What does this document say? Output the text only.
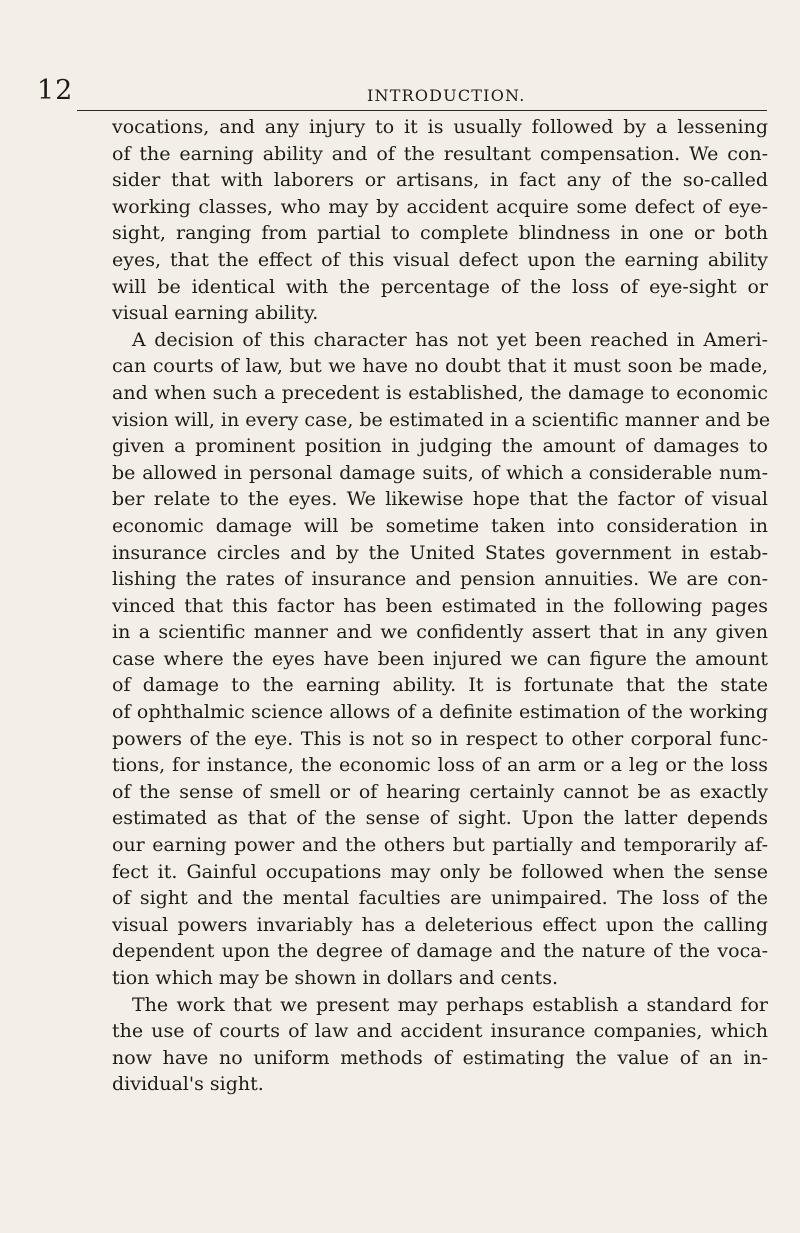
12	INTRODUCTION.
vocations, and any injury to it is usually followed by a lessening
of the earning ability and of the resultant compensation. We con-
sider that with laborers or artisans, in fact any of the so-called
working classes, who may by accident acquire some defect of eye-
sight, ranging from partial to complete blindness in one or both
eyes, that the effect of this visual defect upon the earning ability
will be identical with the percentage of the loss of eye-sight or
visual earning ability.
A decision of this character has not yet been reached in Ameri-
can courts of law, but we have no doubt that it must soon be made,
and when such a precedent is established, the damage to economic
vision will, in every case, be estimated in a scientific manner and be
given a prominent position in judging the amount of damages to
be allowed in personal damage suits, of which a considerable num-
ber relate to the eyes. We likewise hope that the factor of visual
economic damage will be sometime taken into consideration in
insurance circles and by the United States government in estab-
lishing the rates of insurance and pension annuities. We are con-
vinced that this factor has been estimated in the following pages
in a scientific manner and we confidently assert that in any given
case where the eyes have been injured we can figure the amount
of damage to the earning ability. It is fortunate that the state
of ophthalmic science allows of a definite estimation of the working
powers of the eye. This is not so in respect to other corporal func-
tions, for instance, the economic loss of an arm or a leg or the loss
of the sense of smell or of hearing certainly cannot be as exactly
estimated as that of the sense of sight. Upon the latter depends
our earning power and the others but partially and temporarily af-
fect it. Gainful occupations may only be followed when the sense
of sight and the mental faculties are unimpaired. The loss of the
visual powers invariably has a deleterious effect upon the calling
dependent upon the degree of damage and the nature of the voca-
tion which may be shown in dollars and cents.
The work that we present may perhaps establish a standard for
the use of courts of law and accident insurance companies, which
now have no uniform methods of estimating the value of an in-
dividual's sight.
